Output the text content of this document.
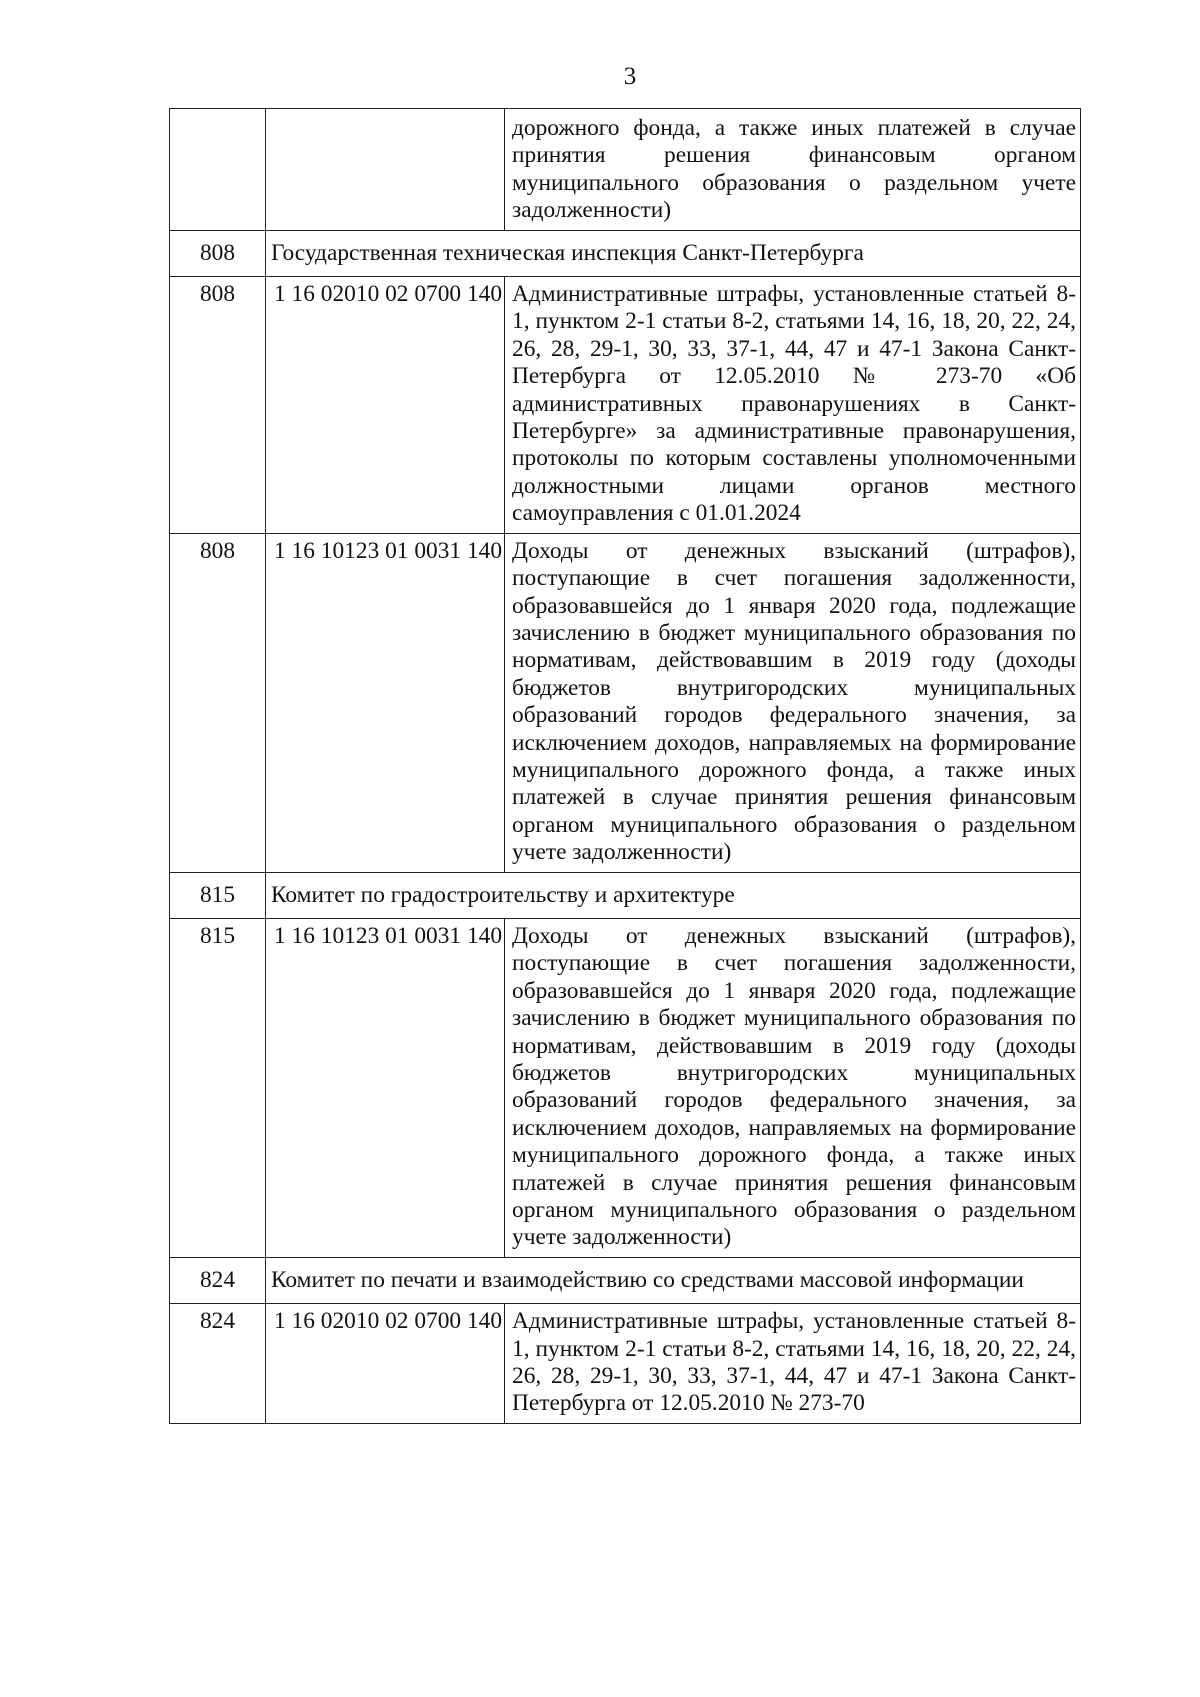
3
		дорожного фонда, а также иных платежей в случае принятия решения финансовым органом муниципального образования о раздельном учете задолженности)
808	Государственная техническая инспекция Санкт-Петербурга	
808	1 16 02010 02 0700 140	Административные штрафы, установленные статьей 8-1, пунктом 2-1 статьи 8-2, статьями 14, 16, 18, 20, 22, 24, 26, 28, 29-1, 30, 33, 37-1, 44, 47 и 47-1 Закона Санкт-Петербурга от 12.05.2010 № 273-70 «Об административных правонарушениях в Санкт-Петербурге» за административные правонарушения, протоколы по которым составлены уполномоченными должностными лицами органов местного самоуправления с 01.01.2024
808	1 16 10123 01 0031 140	Доходы от денежных взысканий (штрафов), поступающие в счет погашения задолженности, образовавшейся до 1 января 2020 года, подлежащие зачислению в бюджет муниципального образования по нормативам, действовавшим в 2019 году (доходы бюджетов внутригородских муниципальных образований городов федерального значения, за исключением доходов, направляемых на формирование муниципального дорожного фонда, а также иных платежей в случае принятия решения финансовым органом муниципального образования о раздельном учете задолженности)
815	Комитет по градостроительству и архитектуре	
815	1 16 10123 01 0031 140	Доходы от денежных взысканий (штрафов), поступающие в счет погашения задолженности, образовавшейся до 1 января 2020 года, подлежащие зачислению в бюджет муниципального образования по нормативам, действовавшим в 2019 году (доходы бюджетов внутригородских муниципальных образований городов федерального значения, за исключением доходов, направляемых на формирование муниципального дорожного фонда, а также иных платежей в случае принятия решения финансовым органом муниципального образования о раздельном учете задолженности)
824	Комитет по печати и взаимодействию со средствами массовой информации	
824	1 16 02010 02 0700 140	Административные штрафы, установленные статьей 8-1, пунктом 2-1 статьи 8-2, статьями 14, 16, 18, 20, 22, 24, 26, 28, 29-1, 30, 33, 37-1, 44, 47 и 47-1 Закона Санкт-Петербурга от 12.05.2010 № 273-70
